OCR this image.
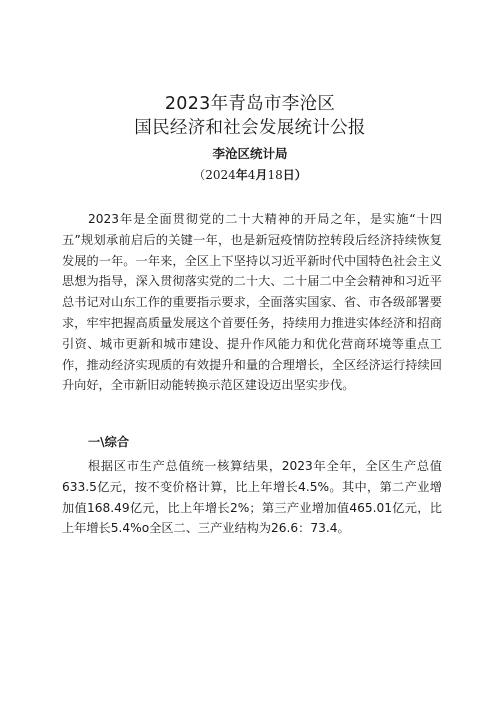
2023年青岛市李沧区
国民经济和社会发展统计公报
李沧区统计局
（2024年4月18日）

2023年是全面贯彻党的二十大精神的开局之年，是实施“十四五”规划承前启后的关键一年，也是新冠疫情防控转段后经济持续恢复发展的一年。一年来，全区上下坚持以习近平新时代中国特色社会主义思想为指导，深入贯彻落实党的二十大、二十届二中全会精神和习近平总书记对山东工作的重要指示要求，全面落实国家、省、市各级部署要求，牢牢把握高质量发展这个首要任务，持续用力推进实体经济和招商引资、城市更新和城市建设、提升作风能力和优化营商环境等重点工作，推动经济实现质的有效提升和量的合理增长，全区经济运行持续回升向好，全市新旧动能转换示范区建设迈出坚实步伐。

一\综合

根据区市生产总值统一核算结果，2023年全年，全区生产总值633.5亿元，按不变价格计算，比上年增长4.5%。其中，第二产业增加值168.49亿元，比上年增长2%；第三产业增加值465.01亿元，比上年增长5.4%o全区二、三产业结构为26.6：73.4。
